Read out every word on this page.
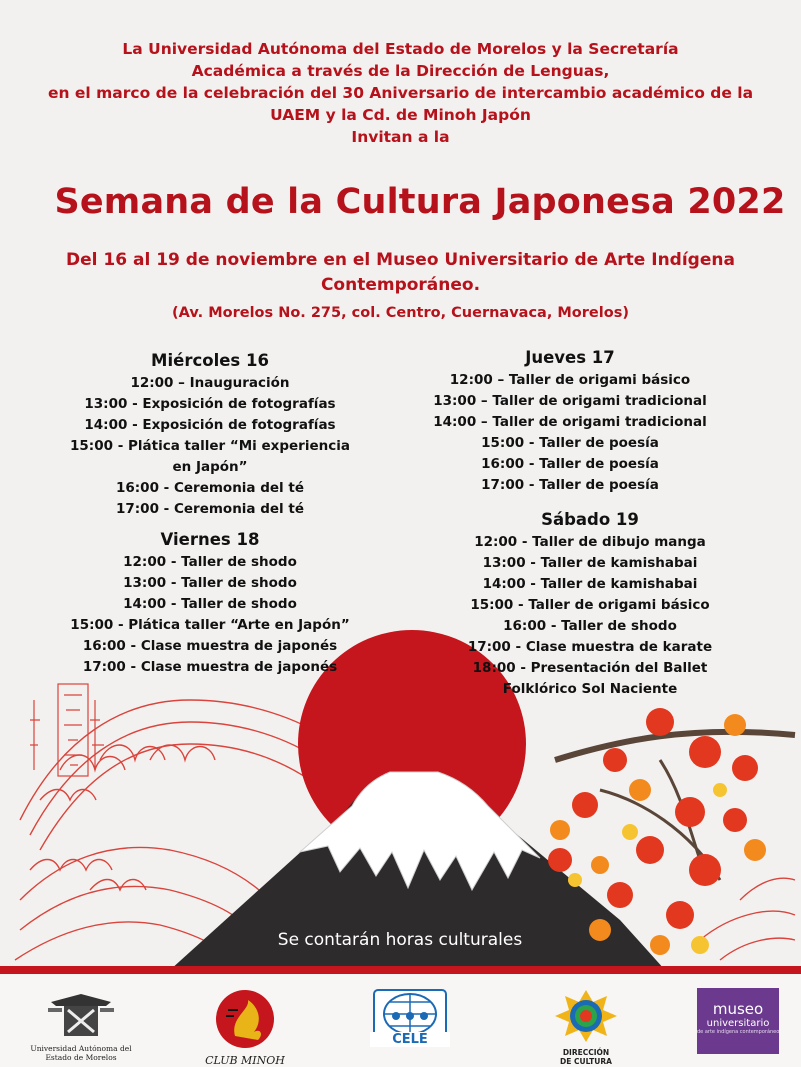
La Universidad Autónoma del Estado de Morelos y la Secretaría
Académica a través de la Dirección de Lenguas,
en el marco de la celebración del 30 Aniversario de intercambio académico de la
UAEM y la Cd. de Minoh Japón
Invitan a la
Semana de la Cultura Japonesa 2022
Del 16 al 19 de noviembre en el Museo Universitario de Arte Indígena
Contemporáneo.
(Av. Morelos No. 275, col. Centro, Cuernavaca, Morelos)
Miércoles 16
12:00 – Inauguración
13:00 - Exposición de fotografías
14:00 - Exposición de fotografías
15:00 - Plática taller “Mi experiencia
en Japón”
16:00 - Ceremonia del té
17:00 - Ceremonia del té
Viernes 18
12:00 - Taller de shodo
13:00 - Taller de shodo
14:00 - Taller de shodo
15:00 - Plática taller “Arte en Japón”
16:00 - Clase muestra de japonés
17:00 - Clase muestra de japonés
Jueves 17
12:00 – Taller de origami básico
13:00 – Taller de origami tradicional
14:00 – Taller de origami tradicional
15:00 - Taller de poesía
16:00 - Taller de poesía
17:00 - Taller de poesía
Sábado 19
12:00 - Taller de dibujo manga
13:00 - Taller de kamishabai
14:00 - Taller de kamishabai
15:00 - Taller de origami básico
16:00 - Taller de shodo
17:00 - Clase muestra de karate
18:00 - Presentación del Ballet
Folklórico Sol Naciente
Se contarán horas culturales
Universidad Autónoma del
Estado de Morelos	CLUB MINOH
CELE
DIRECCIÓN
DE CULTURA
museo
universitario
de arte indígena contemporáneo
